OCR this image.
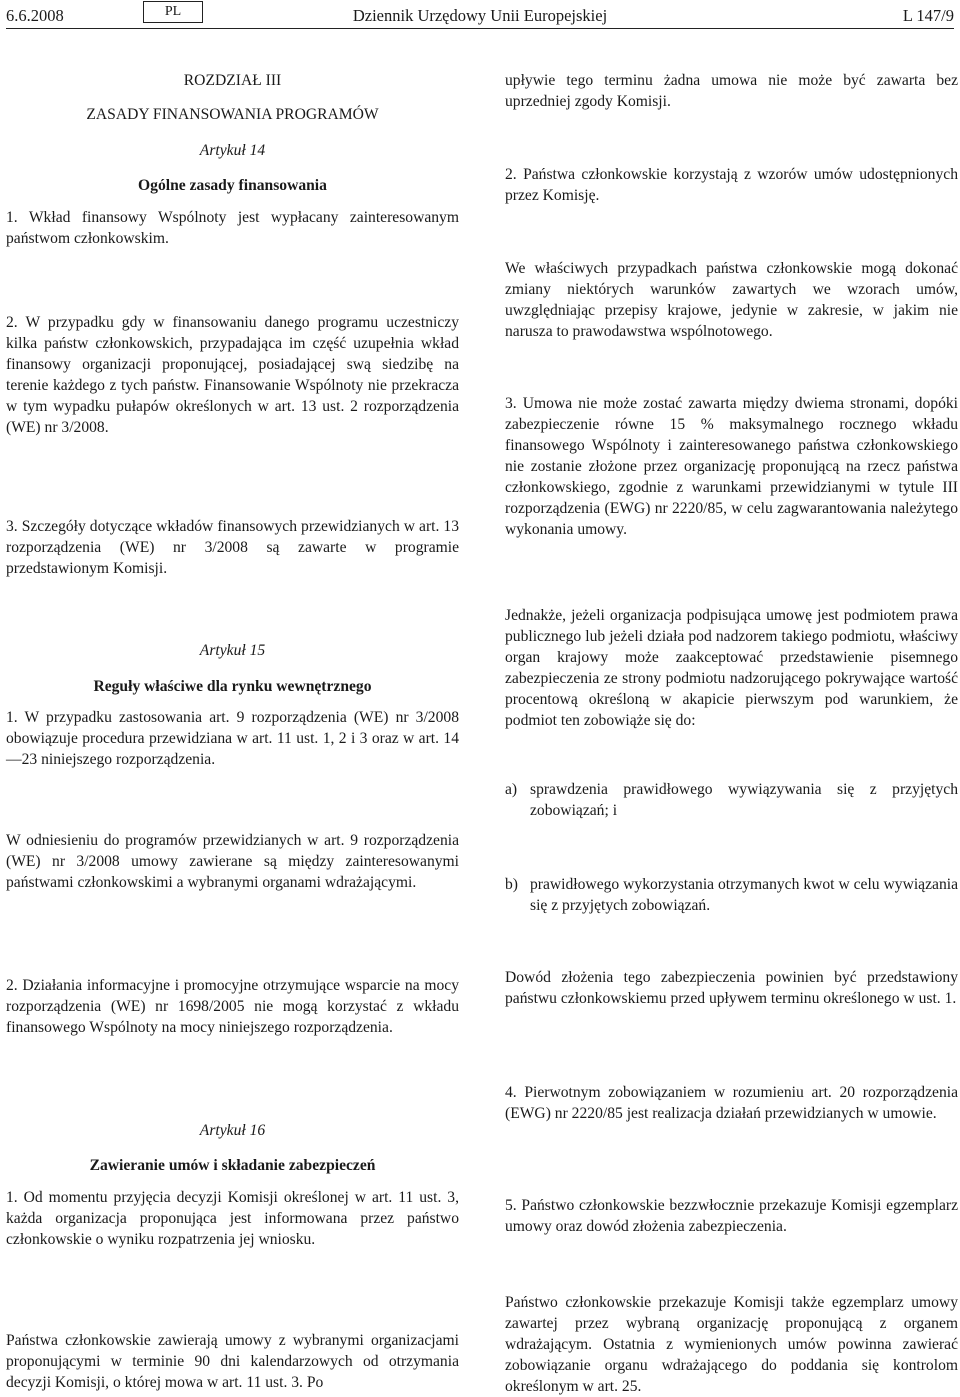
6.6.2008	PL	Dziennik Urzędowy Unii Europejskiej	L 147/9

ROZDZIAŁ III

ZASADY FINANSOWANIA PROGRAMÓW

Artykuł 14

Ogólne zasady finansowania

1. Wkład finansowy Wspólnoty jest wypłacany zainteresowanym państwom członkowskim.

2. W przypadku gdy w finansowaniu danego programu uczestniczy kilka państw członkowskich, przypadająca im część uzupełnia wkład finansowy organizacji proponującej, posiadającej swą siedzibę na terenie każdego z tych państw. Finansowanie Wspólnoty nie przekracza w tym wypadku pułapów określonych w art. 13 ust. 2 rozporządzenia (WE) nr 3/2008.

3. Szczegóły dotyczące wkładów finansowych przewidzianych w art. 13 rozporządzenia (WE) nr 3/2008 są zawarte w programie przedstawionym Komisji.

Artykuł 15

Reguły właściwe dla rynku wewnętrznego

1. W przypadku zastosowania art. 9 rozporządzenia (WE) nr 3/2008 obowiązuje procedura przewidziana w art. 11 ust. 1, 2 i 3 oraz w art. 14—23 niniejszego rozporządzenia.

W odniesieniu do programów przewidzianych w art. 9 rozporządzenia (WE) nr 3/2008 umowy zawierane są między zainteresowanymi państwami członkowskimi a wybranymi organami wdrażającymi.

2. Działania informacyjne i promocyjne otrzymujące wsparcie na mocy rozporządzenia (WE) nr 1698/2005 nie mogą korzystać z wkładu finansowego Wspólnoty na mocy niniejszego rozporządzenia.

Artykuł 16

Zawieranie umów i składanie zabezpieczeń

1. Od momentu przyjęcia decyzji Komisji określonej w art. 11 ust. 3, każda organizacja proponująca jest informowana przez państwo członkowskie o wyniku rozpatrzenia jej wniosku.

Państwa członkowskie zawierają umowy z wybranymi organizacjami proponującymi w terminie 90 dni kalendarzowych od otrzymania decyzji Komisji, o której mowa w art. 11 ust. 3. Po

upływie tego terminu żadna umowa nie może być zawarta bez uprzedniej zgody Komisji.

2. Państwa członkowskie korzystają z wzorów umów udostępnionych przez Komisję.

We właściwych przypadkach państwa członkowskie mogą dokonać zmiany niektórych warunków zawartych we wzorach umów, uwzględniając przepisy krajowe, jedynie w zakresie, w jakim nie narusza to prawodawstwa wspólnotowego.

3. Umowa nie może zostać zawarta między dwiema stronami, dopóki zabezpieczenie równe 15 % maksymalnego rocznego wkładu finansowego Wspólnoty i zainteresowanego państwa członkowskiego nie zostanie złożone przez organizację proponującą na rzecz państwa członkowskiego, zgodnie z warunkami przewidzianymi w tytule III rozporządzenia (EWG) nr 2220/85, w celu zagwarantowania należytego wykonania umowy.

Jednakże, jeżeli organizacja podpisująca umowę jest podmiotem prawa publicznego lub jeżeli działa pod nadzorem takiego podmiotu, właściwy organ krajowy może zaakceptować przedstawienie pisemnego zabezpieczenia ze strony podmiotu nadzorującego pokrywające wartość procentową określoną w akapicie pierwszym pod warunkiem, że podmiot ten zobowiąże się do:

a) sprawdzenia prawidłowego wywiązywania się z przyjętych zobowiązań; i
b) prawidłowego wykorzystania otrzymanych kwot w celu wywiązania się z przyjętych zobowiązań.

Dowód złożenia tego zabezpieczenia powinien być przedstawiony państwu członkowskiemu przed upływem terminu określonego w ust. 1.

4. Pierwotnym zobowiązaniem w rozumieniu art. 20 rozporządzenia (EWG) nr 2220/85 jest realizacja działań przewidzianych w umowie.

5. Państwo członkowskie bezzwłocznie przekazuje Komisji egzemplarz umowy oraz dowód złożenia zabezpieczenia.

Państwo członkowskie przekazuje Komisji także egzemplarz umowy zawartej przez wybraną organizację proponującą z organem wdrażającym. Ostatnia z wymienionych umów powinna zawierać zobowiązanie organu wdrażającego do poddania się kontrolom określonym w art. 25.
